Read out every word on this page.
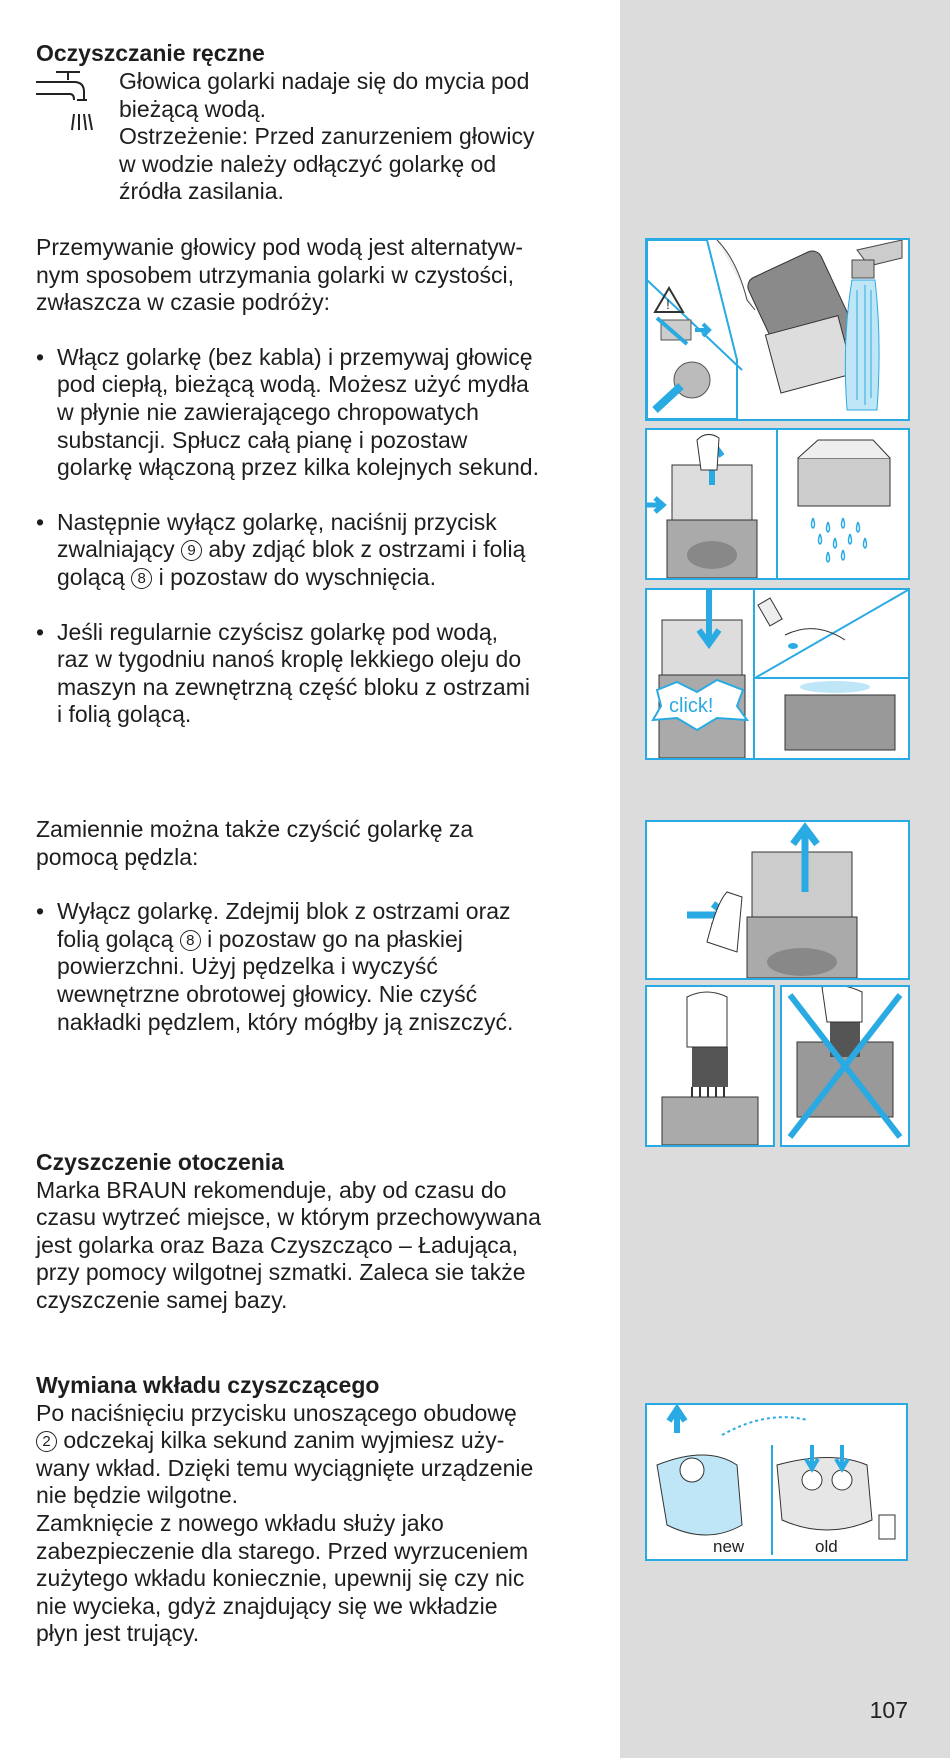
Oczyszczanie ręczne
Głowica golarki nadaje się do mycia pod
bieżącą wodą.
Ostrzeżenie: Przed zanurzeniem głowicy
w wodzie należy odłączyć golarkę od
źródła zasilania.
Przemywanie głowicy pod wodą jest alternatyw-
nym sposobem utrzymania golarki w czystości,
zwłaszcza w czasie podróży:
• Włącz golarkę (bez kabla) i przemywaj głowicę
pod ciepłą, bieżącą wodą. Możesz użyć mydła
w płynie nie zawierającego chropowatych
substancji. Spłucz całą pianę i pozostaw
golarkę włączoną przez kilka kolejnych sekund.
• Następnie wyłącz golarkę, naciśnij przycisk
zwalniający 9 aby zdjąć blok z ostrzami i folią
golącą 8 i pozostaw do wyschnięcia.
• Jeśli regularnie czyścisz golarkę pod wodą,
raz w tygodniu nanoś kroplę lekkiego oleju do
maszyn na zewnętrzną część bloku z ostrzami
i folią golącą.
Zamiennie można także czyścić golarkę za
pomocą pędzla:
• Wyłącz golarkę. Zdejmij blok z ostrzami oraz
folią golącą 8 i pozostaw go na płaskiej
powierzchni. Użyj pędzelka i wyczyść
wewnętrzne obrotowej głowicy. Nie czyść
nakładki pędzlem, który mógłby ją zniszczyć.
Czyszczenie otoczenia
Marka BRAUN rekomenduje, aby od czasu do
czasu wytrzeć miejsce, w którym przechowywana
jest golarka oraz Baza Czyszcząco – Ładująca,
przy pomocy wilgotnej szmatki. Zaleca sie także
czyszczenie samej bazy.
Wymiana wkładu czyszczącego
Po naciśnięciu przycisku unoszącego obudowę
2 odczekaj kilka sekund zanim wyjmiesz uży-
wany wkład. Dzięki temu wyciągnięte urządzenie
nie będzie wilgotne.
Zamknięcie z nowego wkładu służy jako
zabezpieczenie dla starego. Przed wyrzuceniem
zużytego wkładu koniecznie, upewnij się czy nic
nie wycieka, gdyż znajdujący się we wkładzie
płyn jest trujący.
!
click!
new	old
107
